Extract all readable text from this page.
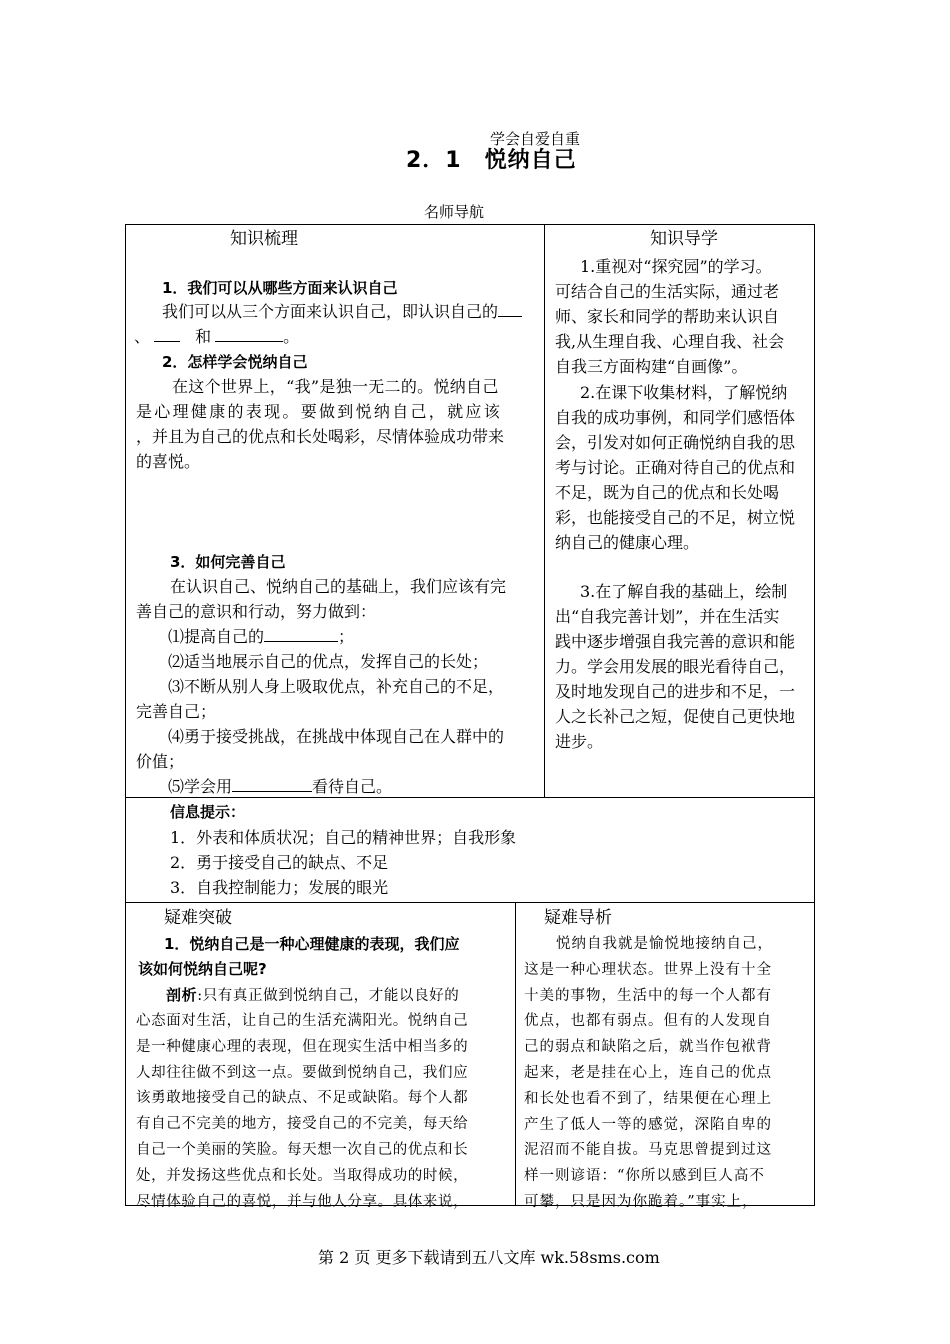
学会自爱自重
2．1　悦纳自己
名师导航
知识梳理
1．我们可以从哪些方面来认识自己
我们可以从三个方面来认识自己，即认识自己的
、	和	。
2．怎样学会悦纳自己
在这个世界上，“我”是独一无二的。悦纳自己
是心理健康的表现。要做到悦纳自己，就应该
，并且为自己的优点和长处喝彩，尽情体验成功带来
的喜悦。
3．如何完善自己
在认识自己、悦纳自己的基础上，我们应该有完
善自己的意识和行动，努力做到：
⑴提高自己的	；
⑵适当地展示自己的优点，发挥自己的长处；
⑶不断从别人身上吸取优点，补充自己的不足，
完善自己；
⑷勇于接受挑战，在挑战中体现自己在人群中的
价值；
⑸学会用	看待自己。
知识导学
1.重视对“探究园”的学习。
可结合自己的生活实际，通过老
师、家长和同学的帮助来认识自
我,从生理自我、心理自我、社会
自我三方面构建“自画像”。
2.在课下收集材料，了解悦纳
自我的成功事例，和同学们感悟体
会，引发对如何正确悦纳自我的思
考与讨论。正确对待自己的优点和
不足，既为自己的优点和长处喝
彩，也能接受自己的不足，树立悦
纳自己的健康心理。
3.在了解自我的基础上，绘制
出“自我完善计划”，并在生活实
践中逐步增强自我完善的意识和能
力。学会用发展的眼光看待自己，
及时地发现自己的进步和不足，一
人之长补己之短，促使自己更快地
进步。
信息提示：
1．外表和体质状况；自己的精神世界；自我形象
2．勇于接受自己的缺点、不足
3．自我控制能力；发展的眼光
疑难突破
1．悦纳自己是一种心理健康的表现，我们应
该如何悦纳自己呢?
剖析:只有真正做到悦纳自己，才能以良好的
心态面对生活，让自己的生活充满阳光。悦纳自己
是一种健康心理的表现，但在现实生活中相当多的
人却往往做不到这一点。要做到悦纳自己，我们应
该勇敢地接受自己的缺点、不足或缺陷。每个人都
有自己不完美的地方，接受自己的不完美，每天给
自己一个美丽的笑脸。每天想一次自己的优点和长
处，并发扬这些优点和长处。当取得成功的时候，
尽情体验自己的喜悦，并与他人分享。具体来说，
疑难导析
悦纳自我就是愉悦地接纳自己，
这是一种心理状态。世界上没有十全
十美的事物，生活中的每一个人都有
优点，也都有弱点。但有的人发现自
己的弱点和缺陷之后，就当作包袱背
起来，老是挂在心上，连自己的优点
和长处也看不到了，结果便在心理上
产生了低人一等的感觉，深陷自卑的
泥沼而不能自拔。马克思曾提到过这
样一则谚语：“你所以感到巨人高不
可攀，只是因为你跪着。”事实上，
第 2 页 更多下载请到五八文库 wk.58sms.com
